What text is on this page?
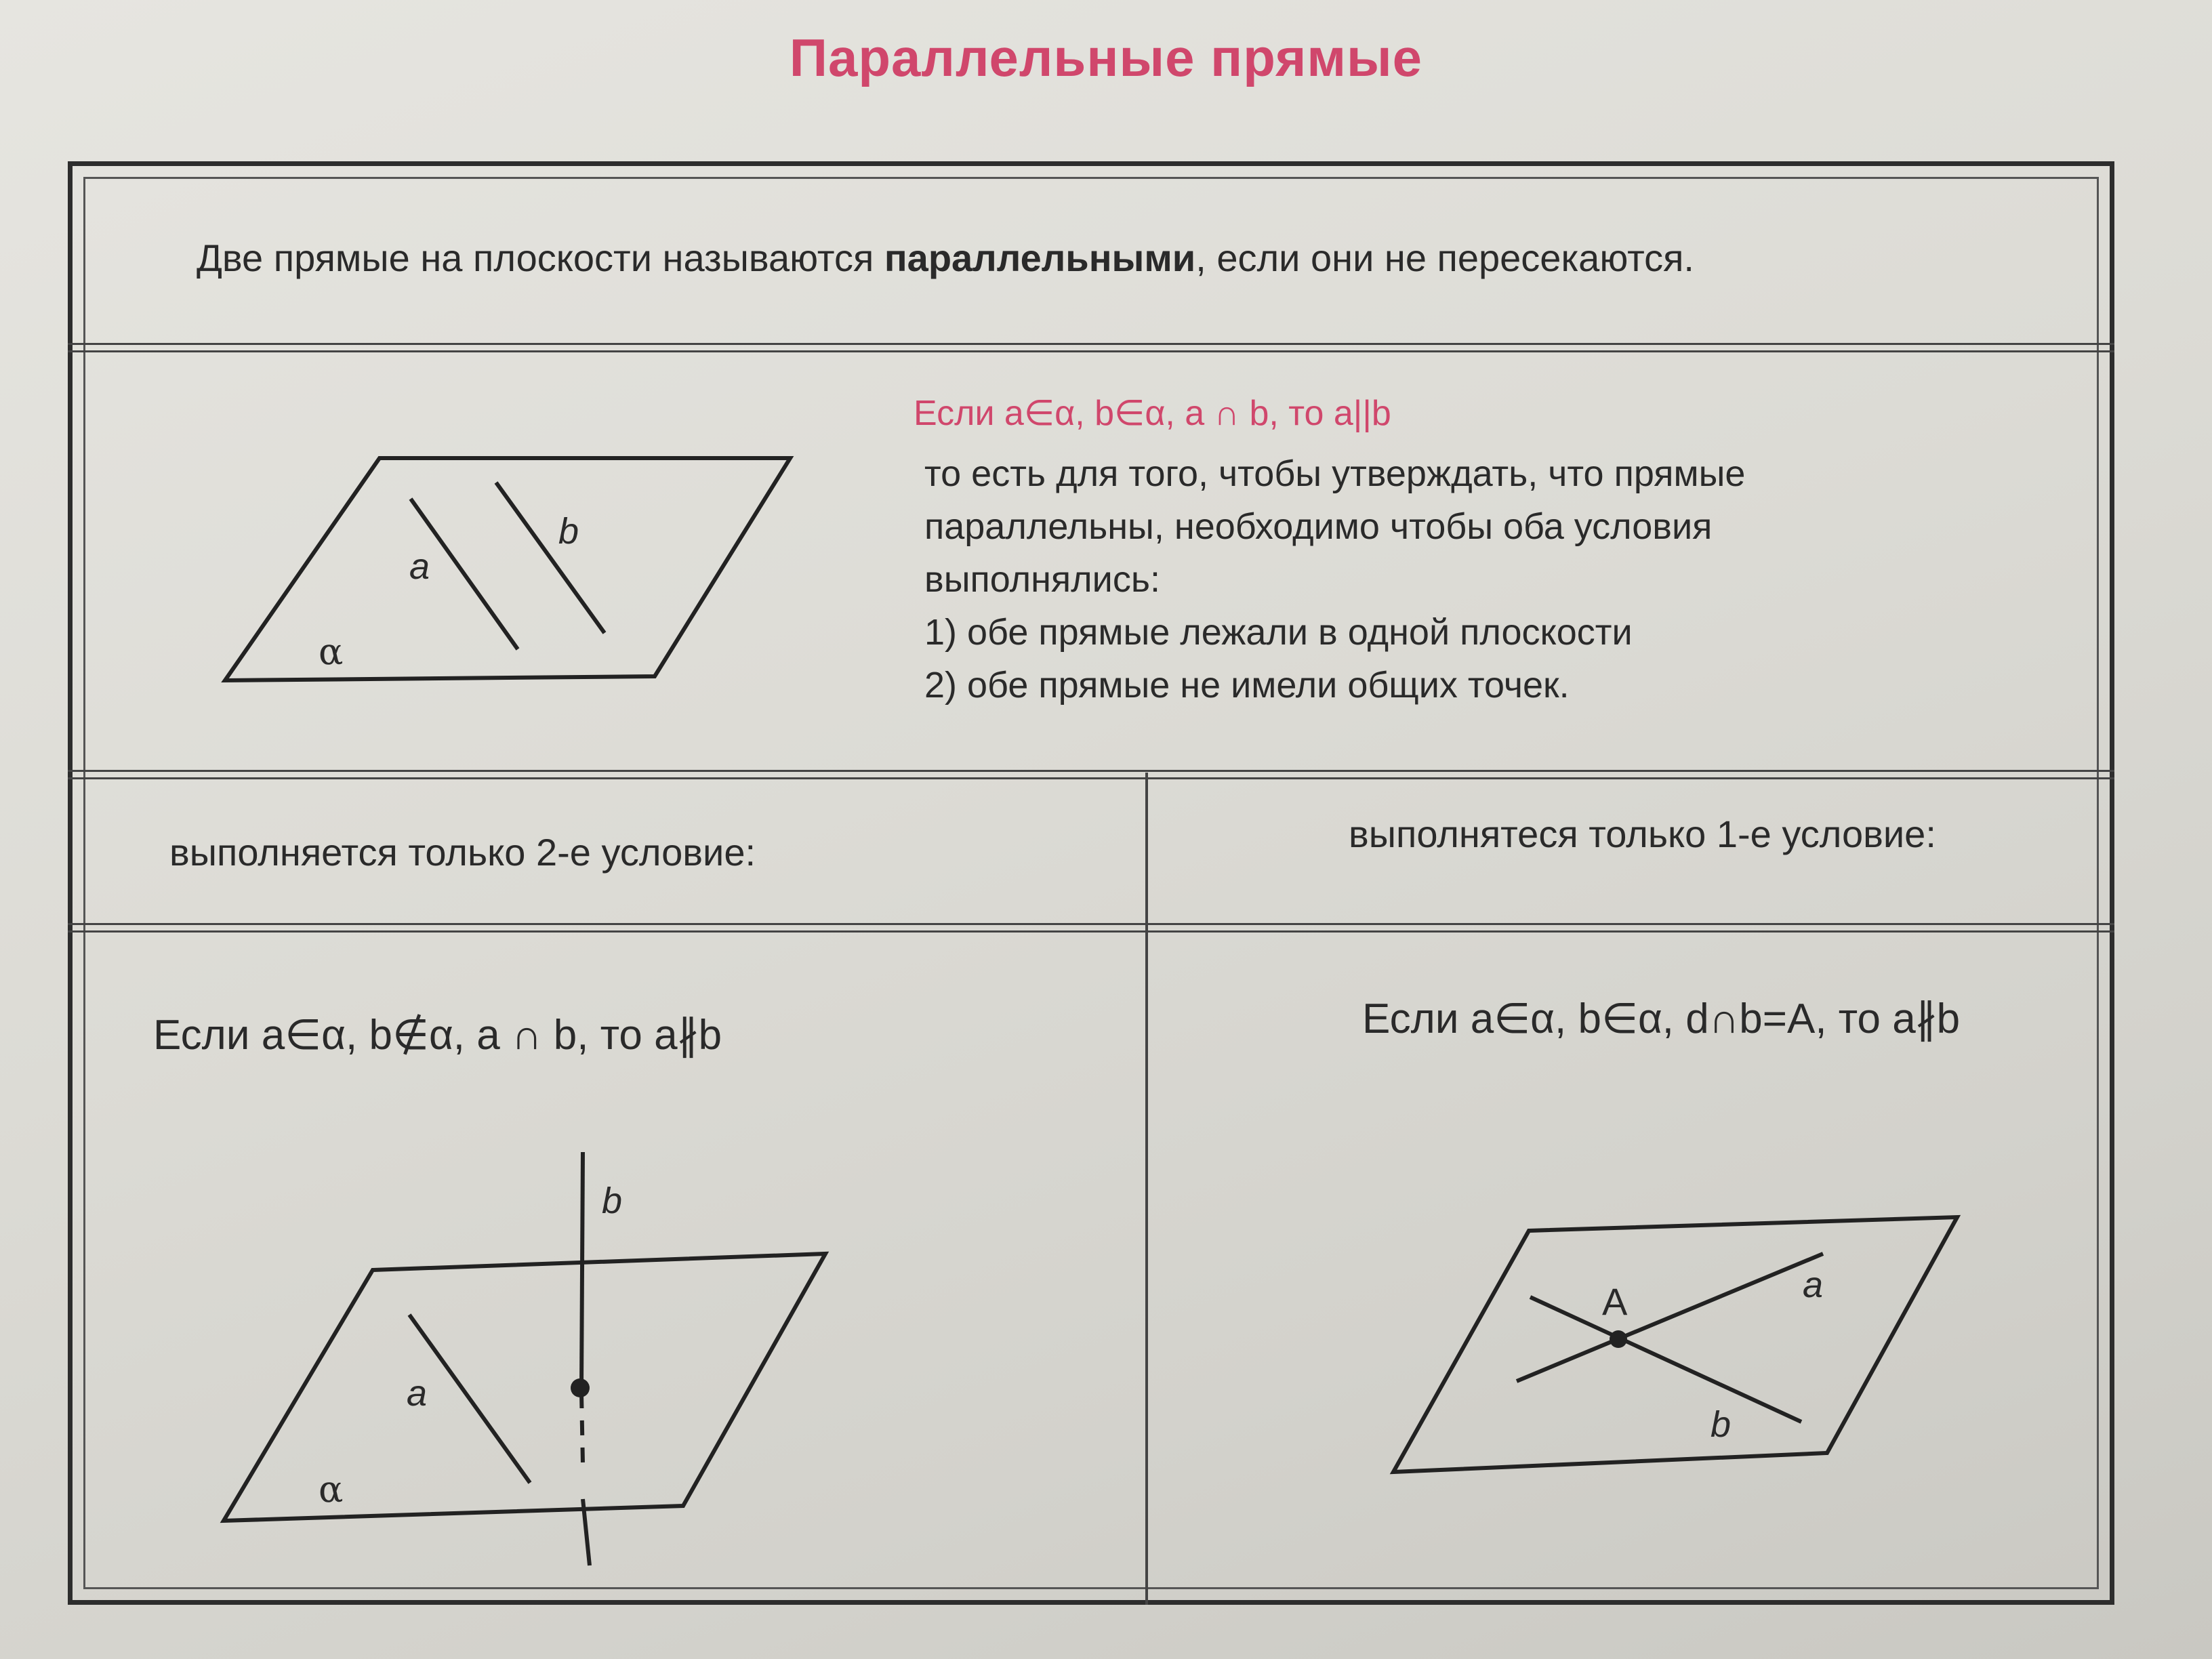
Параллельные прямые
Две прямые на плоскости называются параллельными, если они не пересекаются.
Если a∈α, b∈α, a ∩ b, то a||b
то есть для того, чтобы утверждать, что прямые
параллельны, необходимо чтобы оба условия
выполнялись:
1) обе прямые лежали в одной плоскости
2) обе прямые не имели общих точек.
выполняется только 2-е условие:	выполнятеся только 1-е условие:
Если a∈α, b∉α, a ∩ b, то a∦b	Если a∈α, b∈α, d∩b=A, то a∦b
a
b
α
a
b
α
A	a
b
